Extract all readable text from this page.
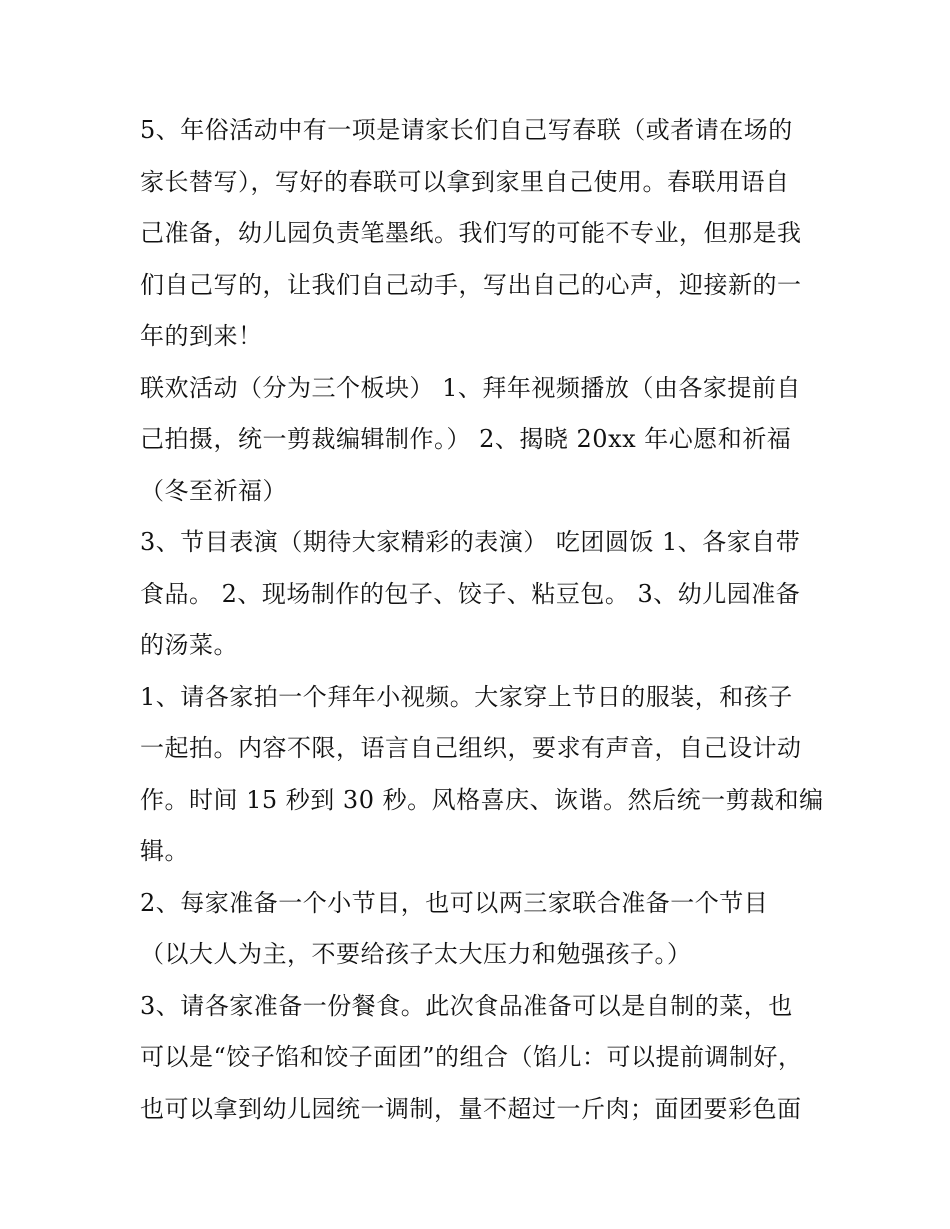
5、年俗活动中有一项是请家长们自己写春联（或者请在场的
家长替写），写好的春联可以拿到家里自己使用。春联用语自
己准备，幼儿园负责笔墨纸。我们写的可能不专业，但那是我
们自己写的，让我们自己动手，写出自己的心声，迎接新的一
年的到来！
联欢活动（分为三个板块） 1、拜年视频播放（由各家提前自
己拍摄，统一剪裁编辑制作。） 2、揭晓 20xx 年心愿和祈福
（冬至祈福）
3、节目表演（期待大家精彩的表演） 吃团圆饭 1、各家自带
食品。 2、现场制作的包子、饺子、粘豆包。 3、幼儿园准备
的汤菜。
1、请各家拍一个拜年小视频。大家穿上节日的服装，和孩子
一起拍。内容不限，语言自己组织，要求有声音，自己设计动
作。时间 15 秒到 30 秒。风格喜庆、诙谐。然后统一剪裁和编
辑。
2、每家准备一个小节目，也可以两三家联合准备一个节目
（以大人为主，不要给孩子太大压力和勉强孩子。）
3、请各家准备一份餐食。此次食品准备可以是自制的菜，也
可以是“饺子馅和饺子面团”的组合（馅儿：可以提前调制好，
也可以拿到幼儿园统一调制，量不超过一斤肉；面团要彩色面
